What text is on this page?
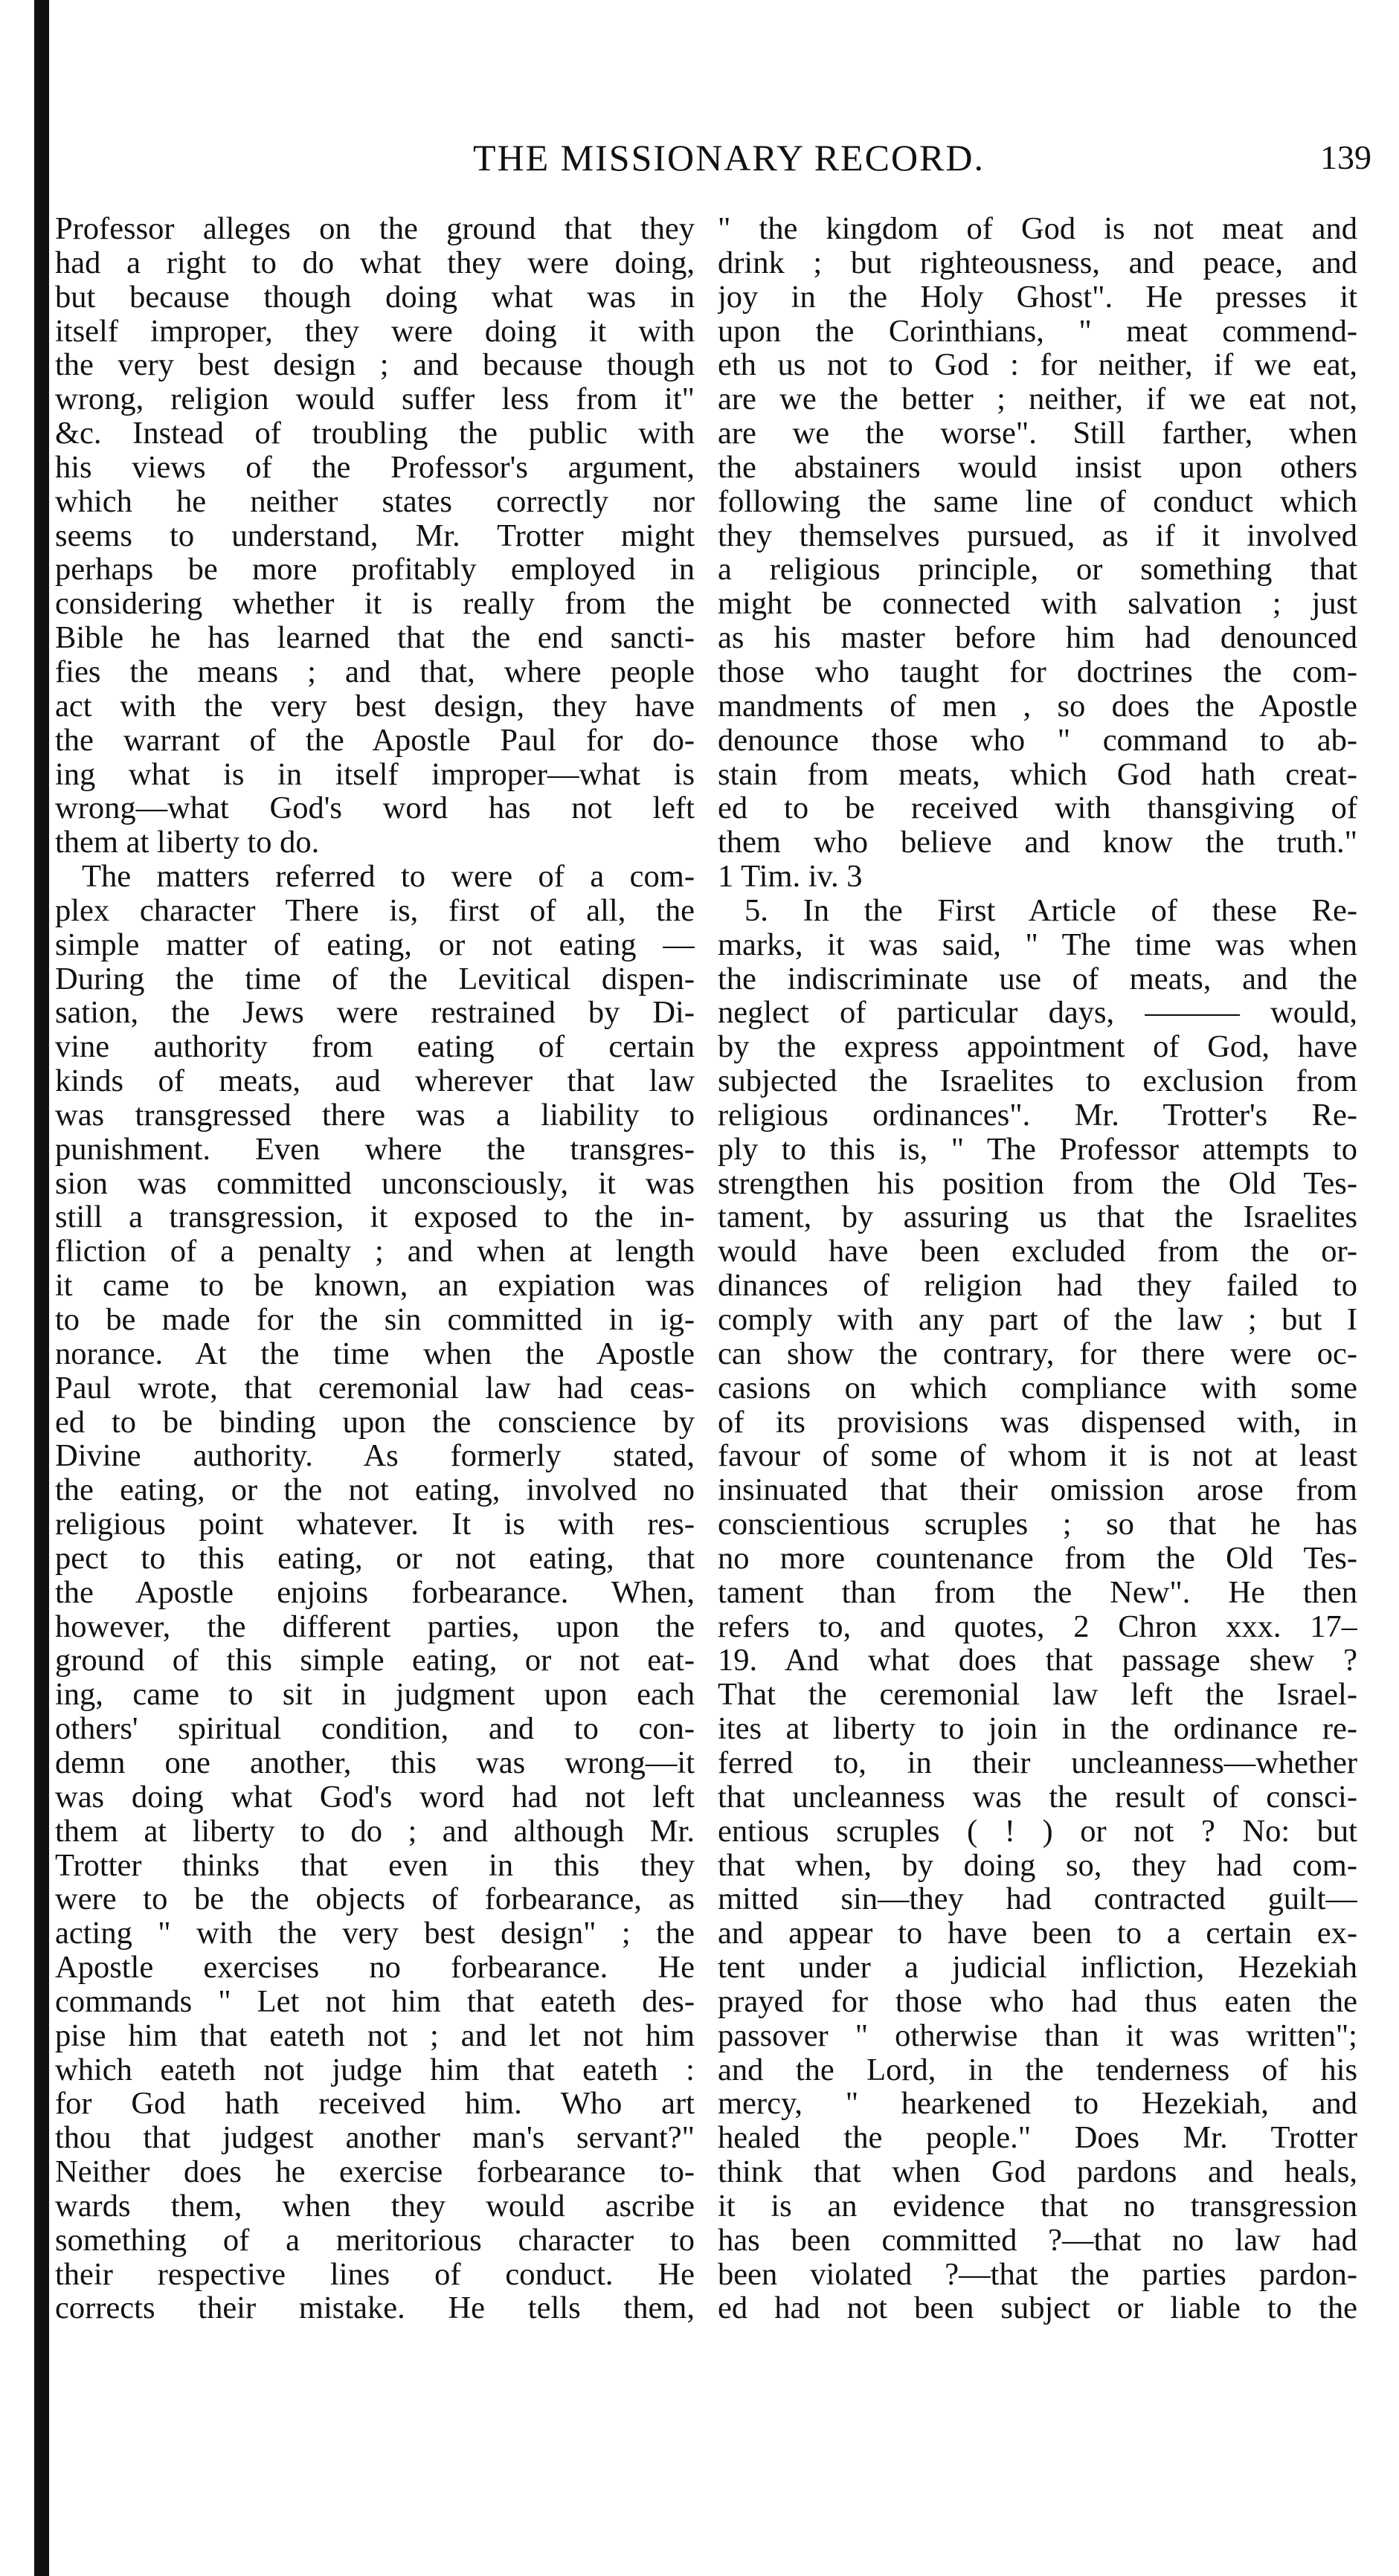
THE MISSIONARY RECORD.	139
Professor alleges on the ground that they
had a right to do what they were doing,
but because though doing what was in
itself improper, they were doing it with
the very best design ; and because though
wrong, religion would suffer less from it"
&c. Instead of troubling the public with
his views of the Professor's argument,
which he neither states correctly nor
seems to understand, Mr. Trotter might
perhaps be more profitably employed in
considering whether it is really from the
Bible he has learned that the end sancti-
fies the means ; and that, where people
act with the very best design, they have
the warrant of the Apostle Paul for do-
ing what is in itself improper—what is
wrong—what God's word has not left
them at liberty to do.
The matters referred to were of a com-
plex character There is, first of all, the
simple matter of eating, or not eating —
During the time of the Levitical dispen-
sation, the Jews were restrained by Di-
vine authority from eating of certain
kinds of meats, aud wherever that law
was transgressed there was a liability to
punishment. Even where the transgres-
sion was committed unconsciously, it was
still a transgression, it exposed to the in-
fliction of a penalty ; and when at length
it came to be known, an expiation was
to be made for the sin committed in ig-
norance. At the time when the Apostle
Paul wrote, that ceremonial law had ceas-
ed to be binding upon the conscience by
Divine authority. As formerly stated,
the eating, or the not eating, involved no
religious point whatever. It is with res-
pect to this eating, or not eating, that
the Apostle enjoins forbearance. When,
however, the different parties, upon the
ground of this simple eating, or not eat-
ing, came to sit in judgment upon each
others' spiritual condition, and to con-
demn one another, this was wrong—it
was doing what God's word had not left
them at liberty to do ; and although Mr.
Trotter thinks that even in this they
were to be the objects of forbearance, as
acting " with the very best design" ; the
Apostle exercises no forbearance. He
commands " Let not him that eateth des-
pise him that eateth not ; and let not him
which eateth not judge him that eateth :
for God hath received him. Who art
thou that judgest another man's servant?"
Neither does he exercise forbearance to-
wards them, when they would ascribe
something of a meritorious character to
their respective lines of conduct. He
corrects their mistake. He tells them,
" the kingdom of God is not meat and
drink ; but righteousness, and peace, and
joy in the Holy Ghost". He presses it
upon the Corinthians, " meat commend-
eth us not to God : for neither, if we eat,
are we the better ; neither, if we eat not,
are we the worse". Still farther, when
the abstainers would insist upon others
following the same line of conduct which
they themselves pursued, as if it involved
a religious principle, or something that
might be connected with salvation ; just
as his master before him had denounced
those who taught for doctrines the com-
mandments of men , so does the Apostle
denounce those who " command to ab-
stain from meats, which God hath creat-
ed to be received with thansgiving of
them who believe and know the truth."
1 Tim. iv. 3
5. In the First Article of these Re-
marks, it was said, " The time was when
the indiscriminate use of meats, and the
neglect of particular days, ——— would,
by the express appointment of God, have
subjected the Israelites to exclusion from
religious ordinances". Mr. Trotter's Re-
ply to this is, " The Professor attempts to
strengthen his position from the Old Tes-
tament, by assuring us that the Israelites
would have been excluded from the or-
dinances of religion had they failed to
comply with any part of the law ; but I
can show the contrary, for there were oc-
casions on which compliance with some
of its provisions was dispensed with, in
favour of some of whom it is not at least
insinuated that their omission arose from
conscientious scruples ; so that he has
no more countenance from the Old Tes-
tament than from the New". He then
refers to, and quotes, 2 Chron xxx. 17–
19. And what does that passage shew ?
That the ceremonial law left the Israel-
ites at liberty to join in the ordinance re-
ferred to, in their uncleanness—whether
that uncleanness was the result of consci-
entious scruples ( ! ) or not ? No: but
that when, by doing so, they had com-
mitted sin—they had contracted guilt—
and appear to have been to a certain ex-
tent under a judicial infliction, Hezekiah
prayed for those who had thus eaten the
passover " otherwise than it was written";
and the Lord, in the tenderness of his
mercy, " hearkened to Hezekiah, and
healed the people." Does Mr. Trotter
think that when God pardons and heals,
it is an evidence that no transgression
has been committed ?—that no law had
been violated ?—that the parties pardon-
ed had not been subject or liable to the
